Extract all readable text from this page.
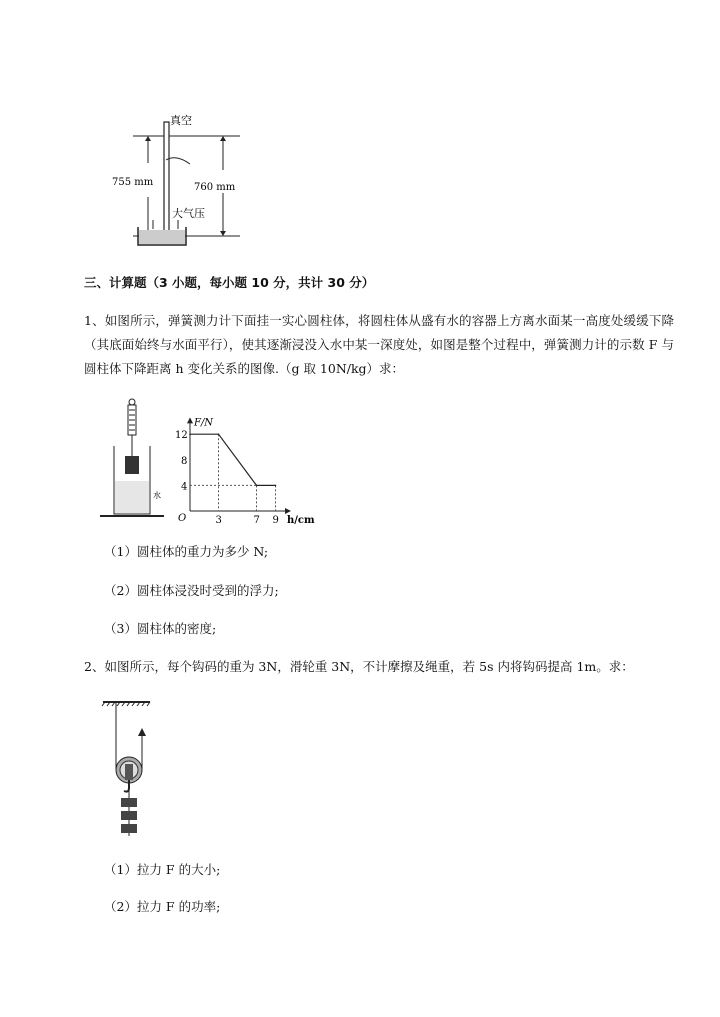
真空
755 mm	760 mm
大气压
三、计算题（3 小题，每小题 10 分，共计 30 分）
1、如图所示，弹簧测力计下面挂一实心圆柱体，将圆柱体从盛有水的容器上方离水面某一高度处缓缓下降（其底面始终与水面平行），使其逐渐浸没入水中某一深度处，如图是整个过程中，弹簧测力计的示数 F 与圆柱体下降距离 h 变化关系的图像.（g 取 10N/kg）求：
水
3	7 9
4
8
12
O	h/cm
F/N
（1）圆柱体的重力为多少 N;
（2）圆柱体浸没时受到的浮力;
（3）圆柱体的密度;
2、如图所示，每个钩码的重为 3N，滑轮重 3N，不计摩擦及绳重，若 5s 内将钩码提高 1m。求：
（1）拉力 F 的大小;
（2）拉力 F 的功率;
